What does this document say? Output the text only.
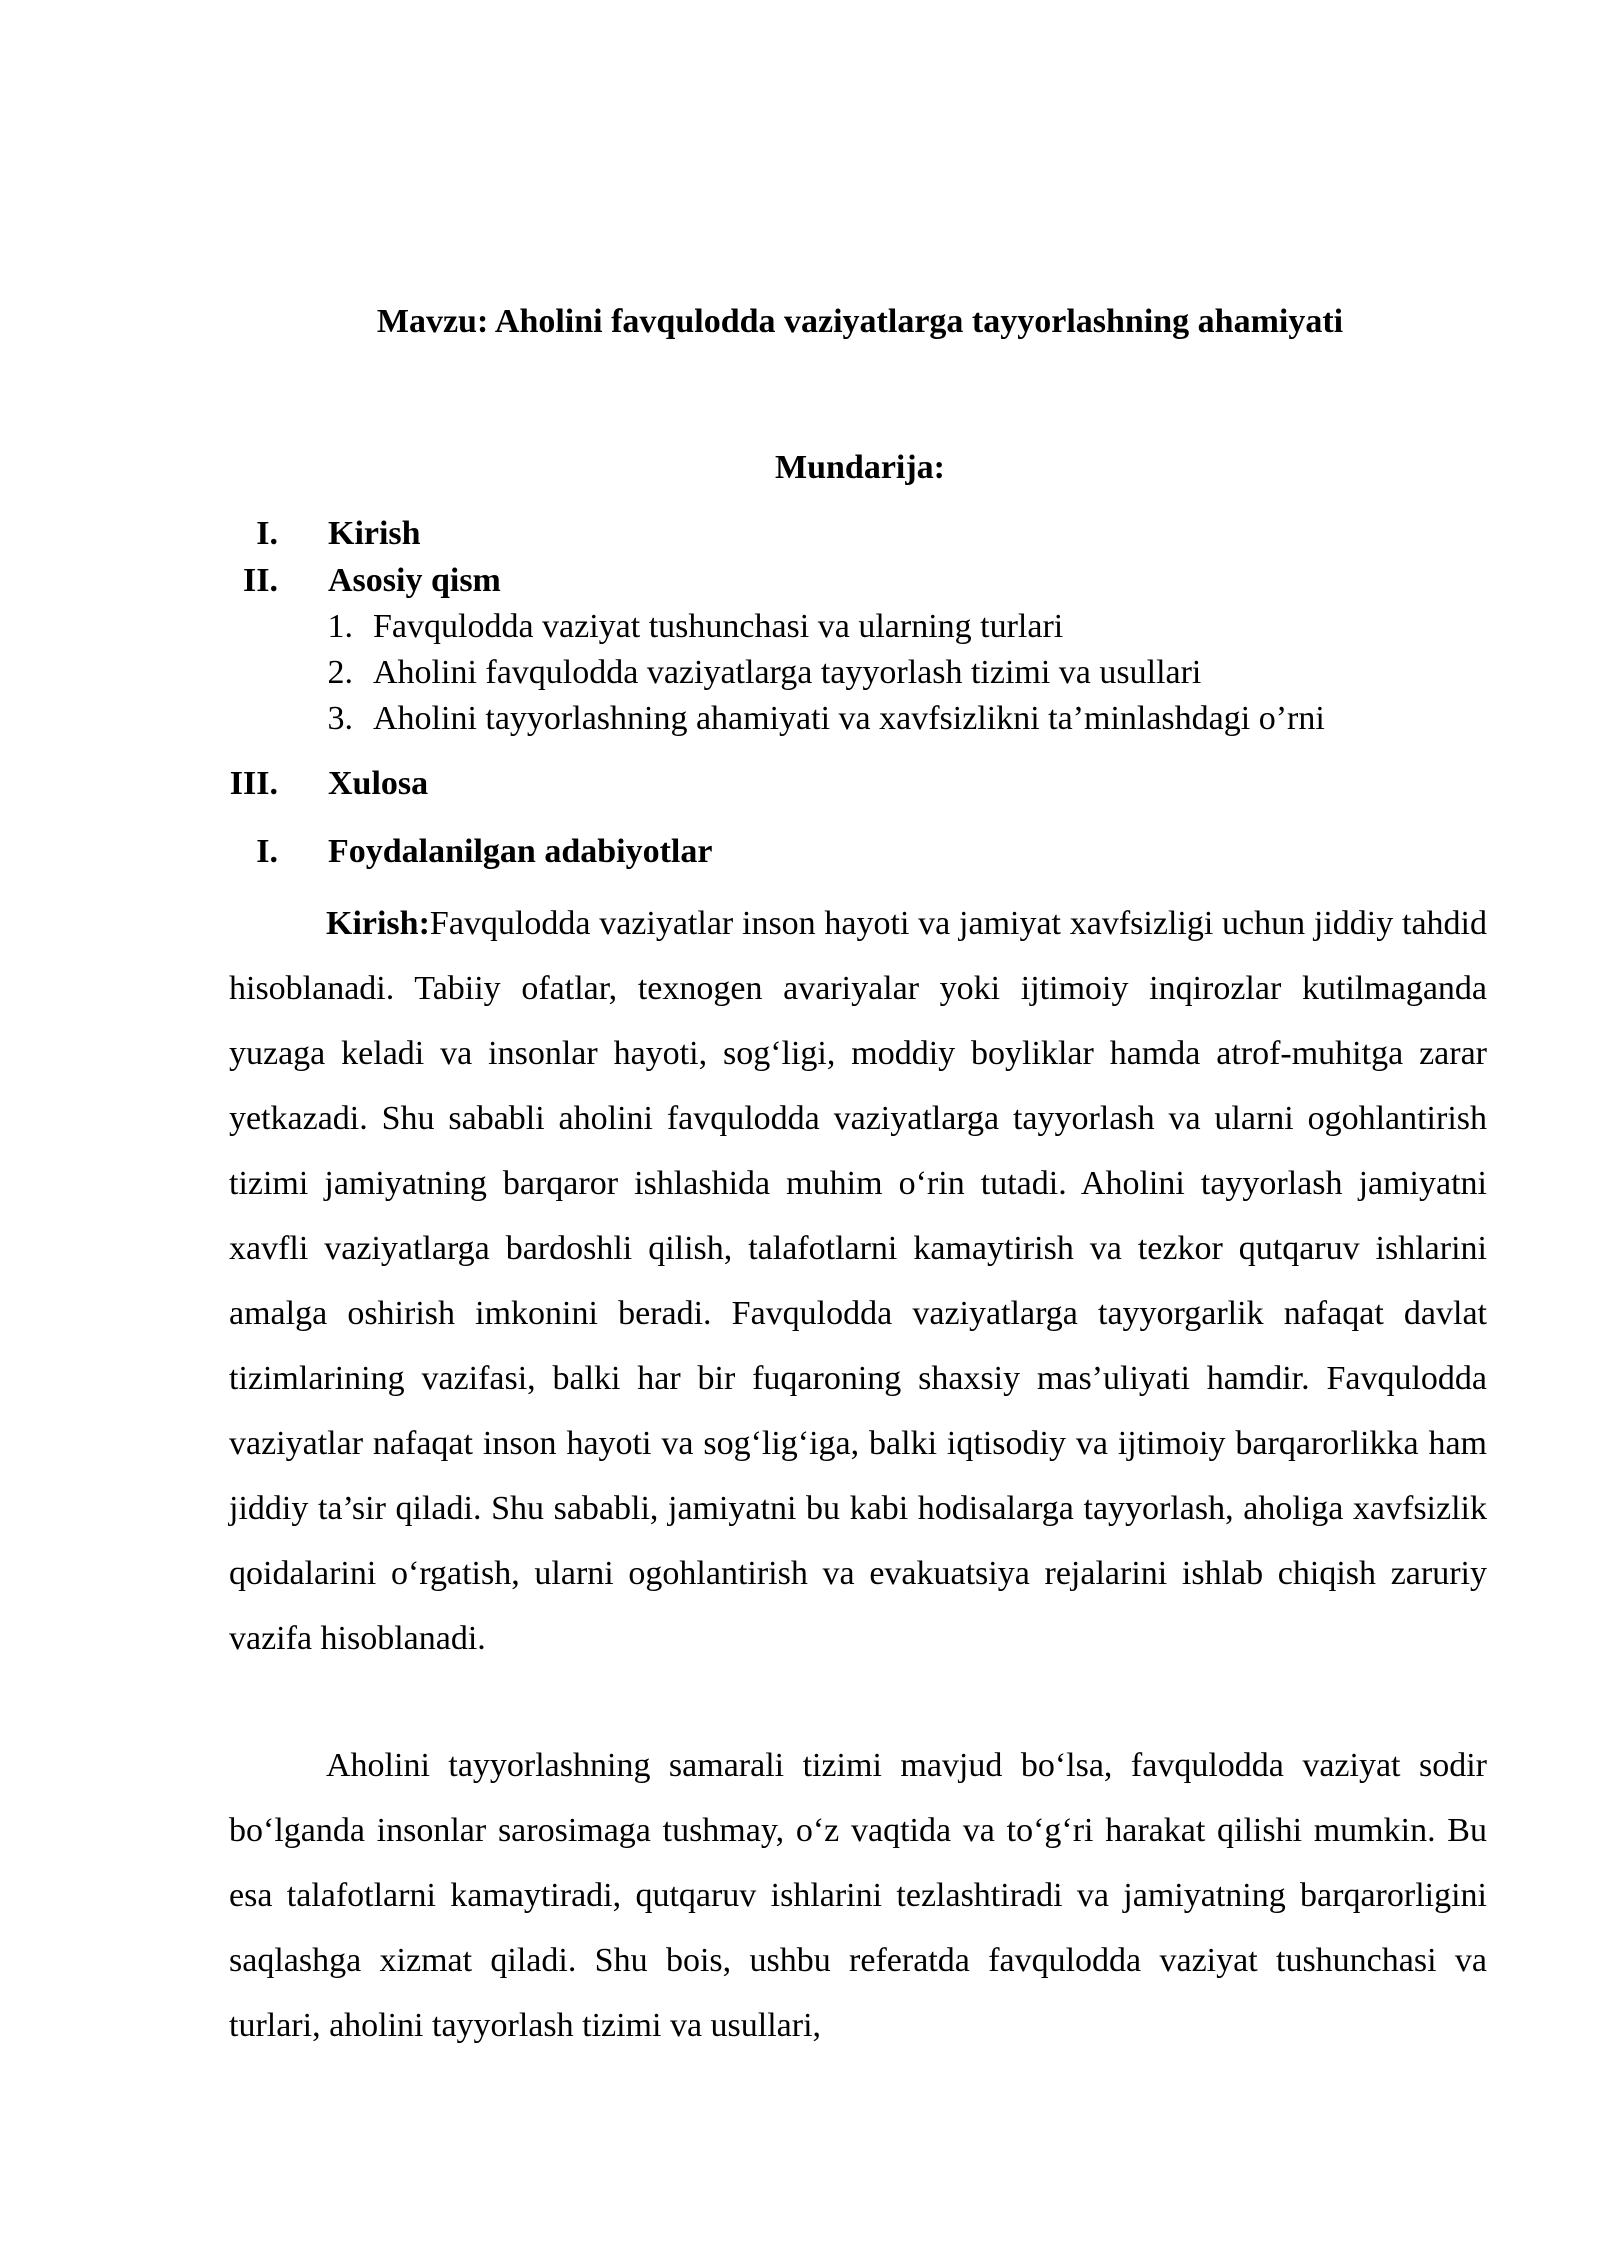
Mavzu: Aholini favqulodda vaziyatlarga tayyorlashning ahamiyati
Mundarija:
I. Kirish
II. Asosiy qism
1. Favqulodda vaziyat tushunchasi va ularning turlari
2. Aholini favqulodda vaziyatlarga tayyorlash tizimi va usullari
3. Aholini tayyorlashning ahamiyati va xavfsizlikni ta’minlashdagi o’rni
III. Xulosa
I. Foydalanilgan adabiyotlar

Kirish:Favqulodda vaziyatlar inson hayoti va jamiyat xavfsizligi uchun jiddiy tahdid hisoblanadi. Tabiiy ofatlar, texnogen avariyalar yoki ijtimoiy inqirozlar kutilmaganda yuzaga keladi va insonlar hayoti, sog‘ligi, moddiy boyliklar hamda atrof-muhitga zarar yetkazadi. Shu sababli aholini favqulodda vaziyatlarga tayyorlash va ularni ogohlantirish tizimi jamiyatning barqaror ishlashida muhim o‘rin tutadi. Aholini tayyorlash jamiyatni xavfli vaziyatlarga bardoshli qilish, talafotlarni kamaytirish va tezkor qutqaruv ishlarini amalga oshirish imkonini beradi. Favqulodda vaziyatlarga tayyorgarlik nafaqat davlat tizimlarining vazifasi, balki har bir fuqaroning shaxsiy mas’uliyati hamdir. Favqulodda vaziyatlar nafaqat inson hayoti va sog‘lig‘iga, balki iqtisodiy va ijtimoiy barqarorlikka ham jiddiy ta’sir qiladi. Shu sababli, jamiyatni bu kabi hodisalarga tayyorlash, aholiga xavfsizlik qoidalarini o‘rgatish, ularni ogohlantirish va evakuatsiya rejalarini ishlab chiqish zaruriy vazifa hisoblanadi.

Aholini tayyorlashning samarali tizimi mavjud bo‘lsa, favqulodda vaziyat sodir bo‘lganda insonlar sarosimaga tushmay, o‘z vaqtida va to‘g‘ri harakat qilishi mumkin. Bu esa talafotlarni kamaytiradi, qutqaruv ishlarini tezlashtiradi va jamiyatning barqarorligini saqlashga xizmat qiladi. Shu bois, ushbu referatda favqulodda vaziyat tushunchasi va turlari, aholini tayyorlash tizimi va usullari,
